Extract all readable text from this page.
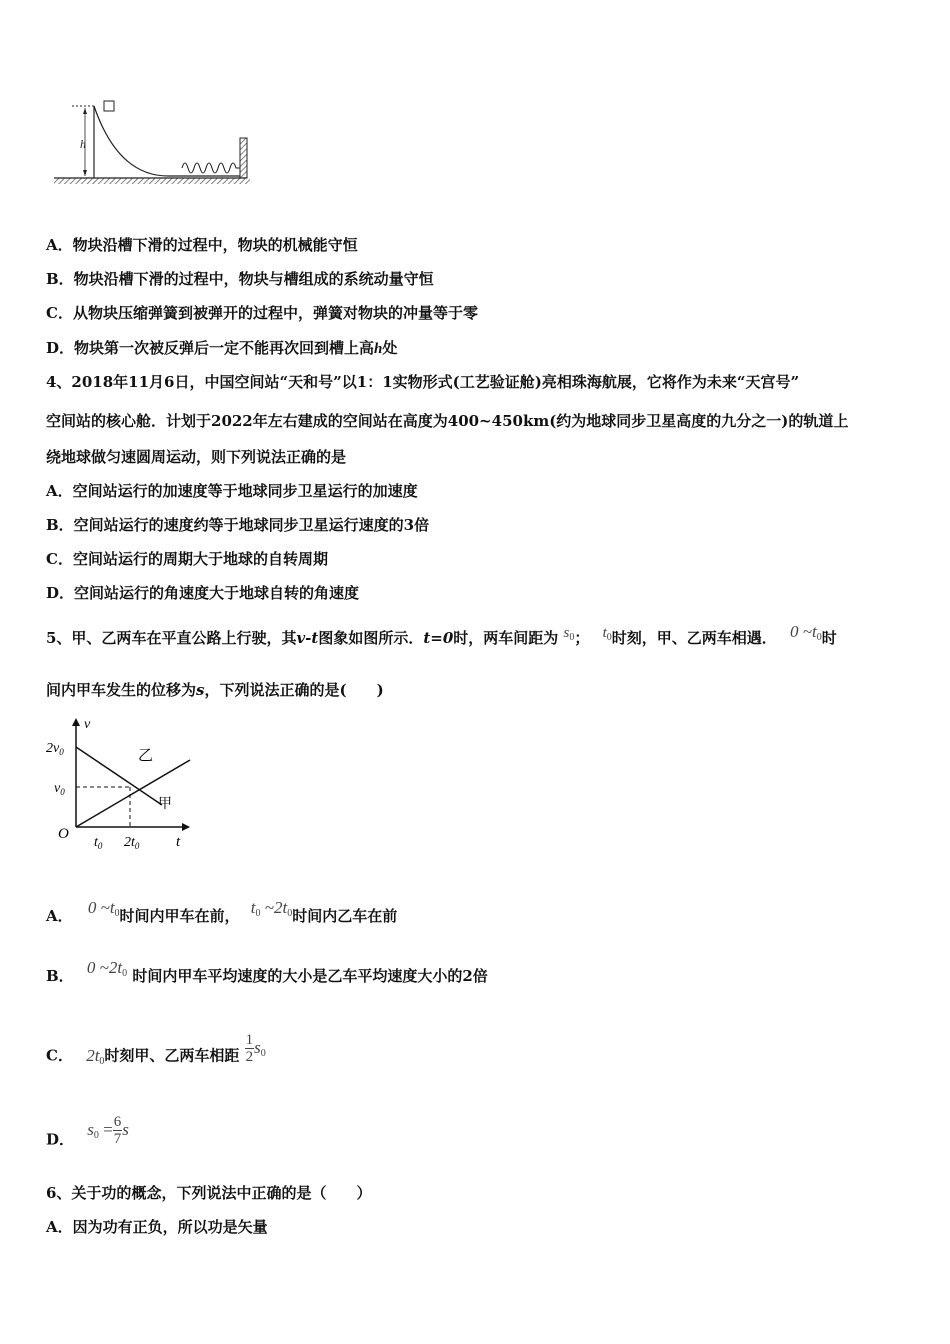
h
A．物块沿槽下滑的过程中，物块的机械能守恒
B．物块沿槽下滑的过程中，物块与槽组成的系统动量守恒
C．从物块压缩弹簧到被弹开的过程中，弹簧对物块的冲量等于零
D．物块第一次被反弹后一定不能再次回到槽上高h处
4、2018年11月6日，中国空间站“天和号”以1：1实物形式(工艺验证舱)亮相珠海航展，它将作为未来“天宫号”
空间站的核心舱．计划于2022年左右建成的空间站在高度为400~450km(约为地球同步卫星高度的九分之一)的轨道上
绕地球做匀速圆周运动，则下列说法正确的是
A．空间站运行的加速度等于地球同步卫星运行的加速度
B．空间站运行的速度约等于地球同步卫星运行速度的3倍
C．空间站运行的周期大于地球的自转周期
D．空间站运行的角速度大于地球自转的角速度
5、甲、乙两车在平直公路上行驶，其v-t图象如图所示．t=0时，两车间距为 $s_0$； $t_0$时刻，甲、乙两车相遇． 0 $\sim t_0$时
间内甲车发生的位移为s，下列说法正确的是(　　)
v
t
O
$2v_0$
$v_0$
$t_0$ $2t_0$
乙
甲
A． 0 $\sim t_0$时间内甲车在前， $t_0$ $\sim 2t_0$时间内乙车在前
B． 0 $\sim 2t_0$ 时间内甲车平均速度的大小是乙车平均速度大小的2倍
C． $2t_0$时刻甲、乙两车相距 $\frac{1}{2} s_0$
D． $s_0 = \frac{6}{7}$ s
6、关于功的概念，下列说法中正确的是（　　）
A．因为功有正负，所以功是矢量
